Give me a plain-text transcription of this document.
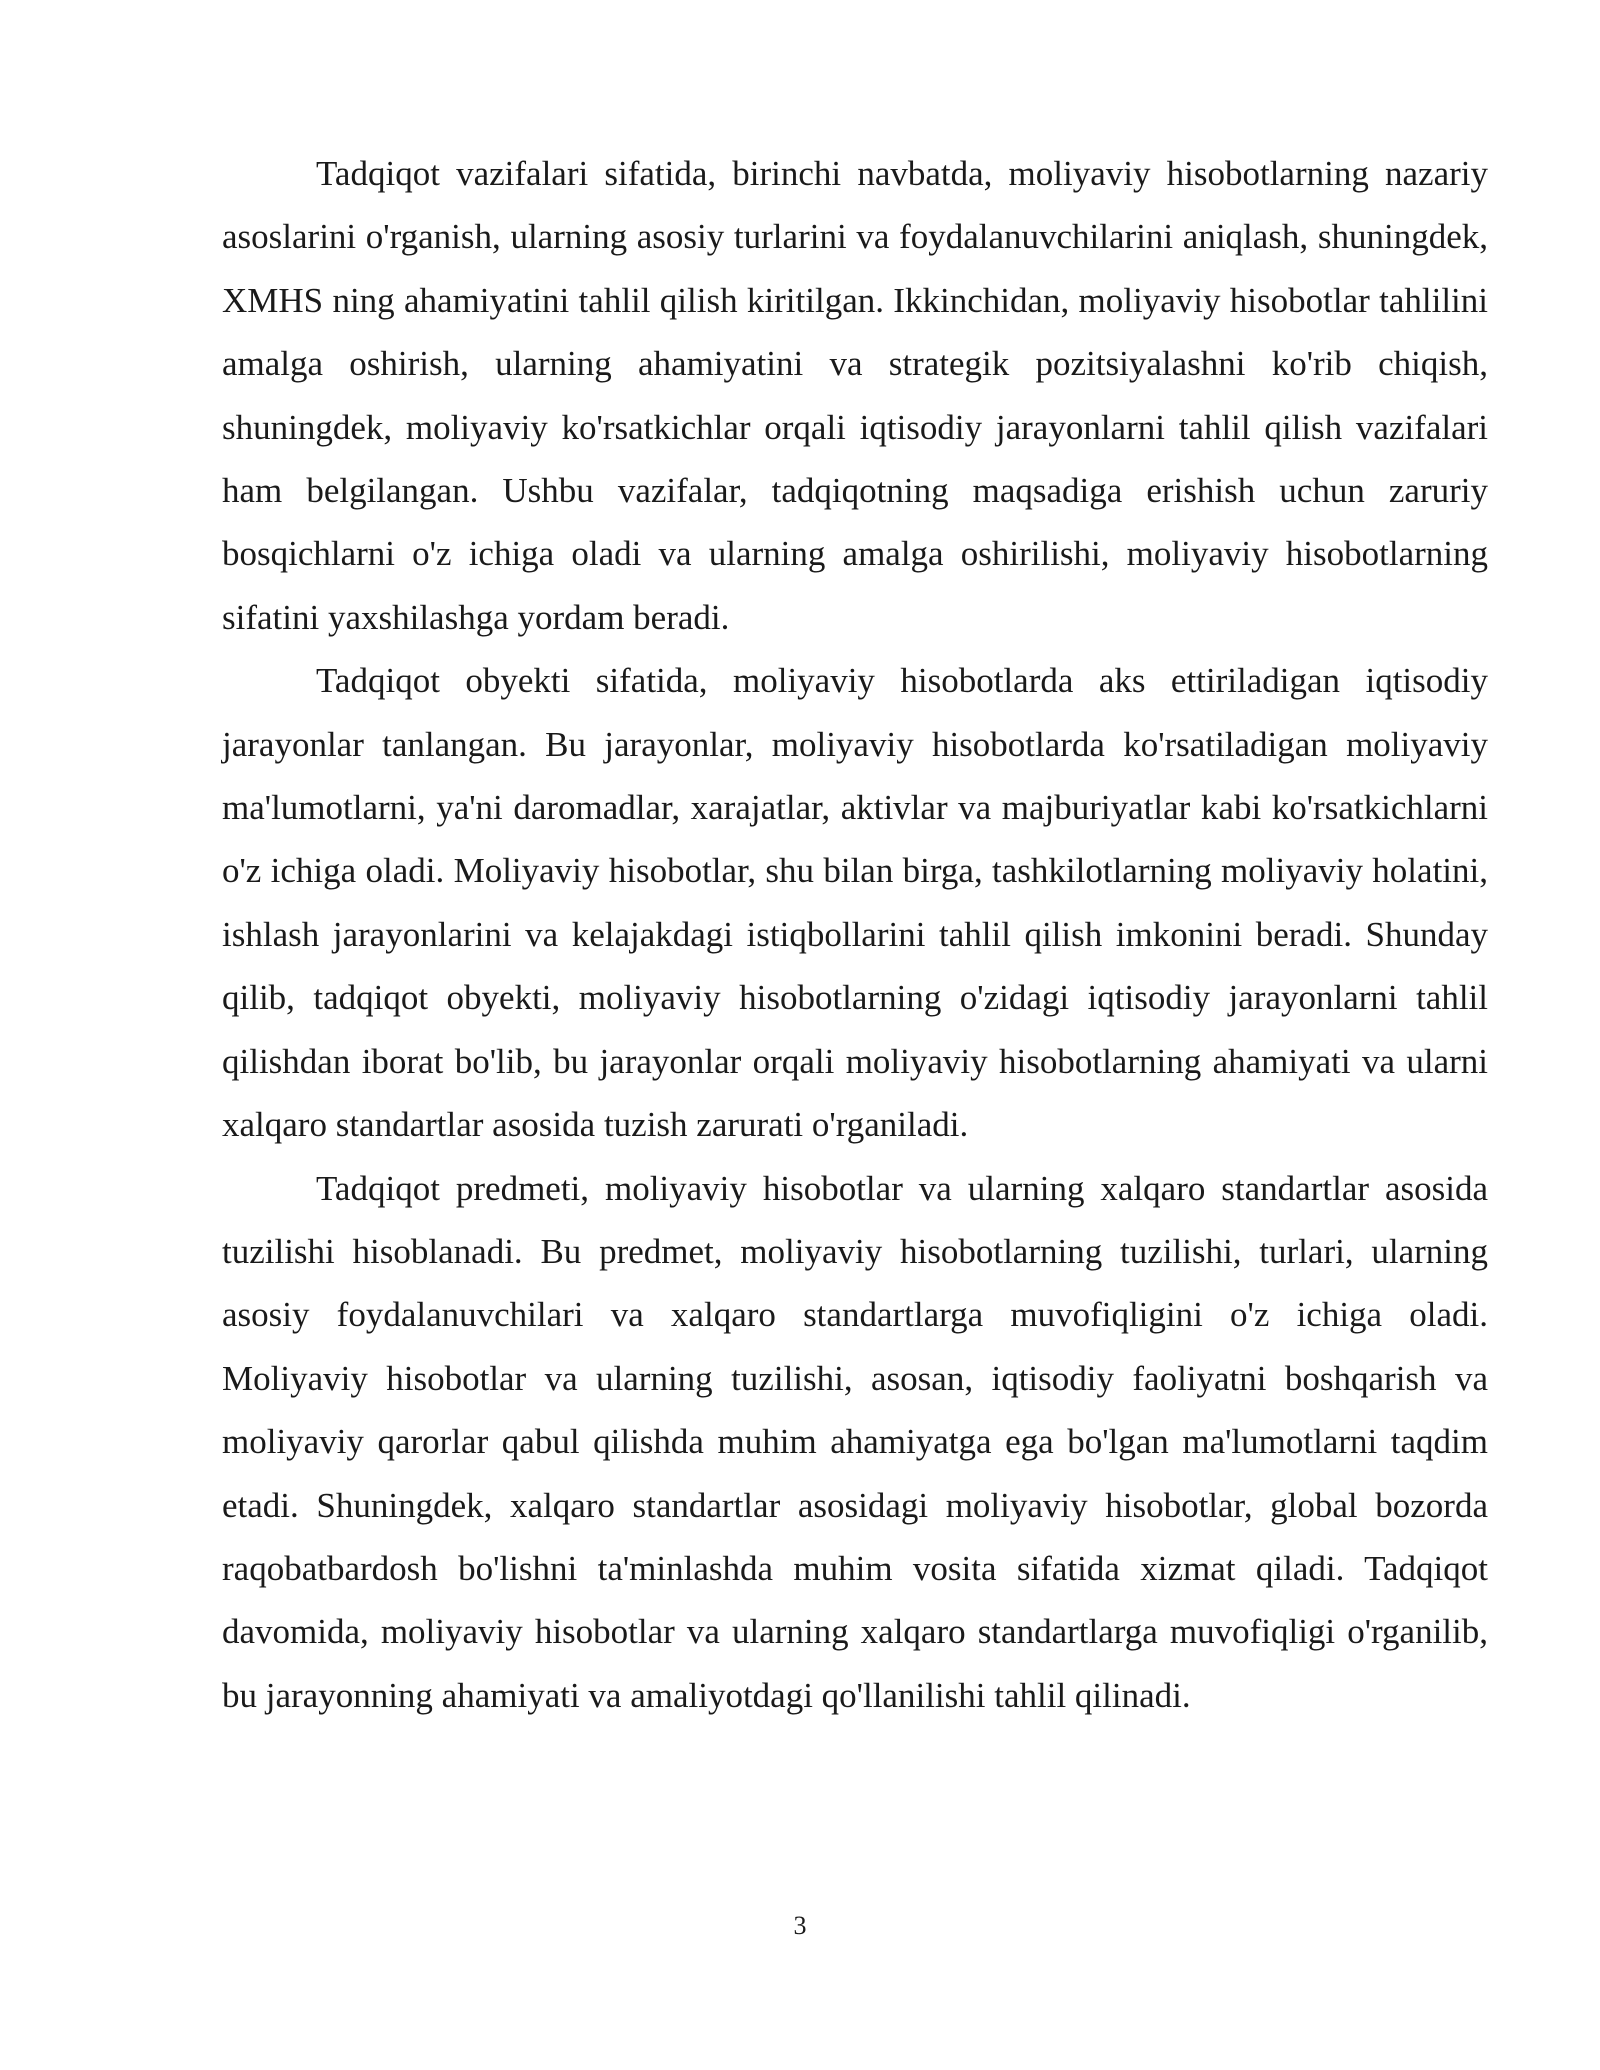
Tadqiqot vazifalari sifatida, birinchi navbatda, moliyaviy hisobotlarning nazariy asoslarini o'rganish, ularning asosiy turlarini va foydalanuvchilarini aniqlash, shuningdek, XMHS ning ahamiyatini tahlil qilish kiritilgan. Ikkinchidan, moliyaviy hisobotlar tahlilini amalga oshirish, ularning ahamiyatini va strategik pozitsiyalashni ko'rib chiqish, shuningdek, moliyaviy ko'rsatkichlar orqali iqtisodiy jarayonlarni tahlil qilish vazifalari ham belgilangan. Ushbu vazifalar, tadqiqotning maqsadiga erishish uchun zaruriy bosqichlarni o'z ichiga oladi va ularning amalga oshirilishi, moliyaviy hisobotlarning sifatini yaxshilashga yordam beradi.

Tadqiqot obyekti sifatida, moliyaviy hisobotlarda aks ettiriladigan iqtisodiy jarayonlar tanlangan. Bu jarayonlar, moliyaviy hisobotlarda ko'rsatiladigan moliyaviy ma'lumotlarni, ya'ni daromadlar, xarajatlar, aktivlar va majburiyatlar kabi ko'rsatkichlarni o'z ichiga oladi. Moliyaviy hisobotlar, shu bilan birga, tashkilotlarning moliyaviy holatini, ishlash jarayonlarini va kelajakdagi istiqbollarini tahlil qilish imkonini beradi. Shunday qilib, tadqiqot obyekti, moliyaviy hisobotlarning o'zidagi iqtisodiy jarayonlarni tahlil qilishdan iborat bo'lib, bu jarayonlar orqali moliyaviy hisobotlarning ahamiyati va ularni xalqaro standartlar asosida tuzish zarurati o'rganiladi.

Tadqiqot predmeti, moliyaviy hisobotlar va ularning xalqaro standartlar asosida tuzilishi hisoblanadi. Bu predmet, moliyaviy hisobotlarning tuzilishi, turlari, ularning asosiy foydalanuvchilari va xalqaro standartlarga muvofiqligini o'z ichiga oladi. Moliyaviy hisobotlar va ularning tuzilishi, asosan, iqtisodiy faoliyatni boshqarish va moliyaviy qarorlar qabul qilishda muhim ahamiyatga ega bo'lgan ma'lumotlarni taqdim etadi. Shuningdek, xalqaro standartlar asosidagi moliyaviy hisobotlar, global bozorda raqobatbardosh bo'lishni ta'minlashda muhim vosita sifatida xizmat qiladi. Tadqiqot davomida, moliyaviy hisobotlar va ularning xalqaro standartlarga muvofiqligi o'rganilib, bu jarayonning ahamiyati va amaliyotdagi qo'llanilishi tahlil qilinadi.

3
